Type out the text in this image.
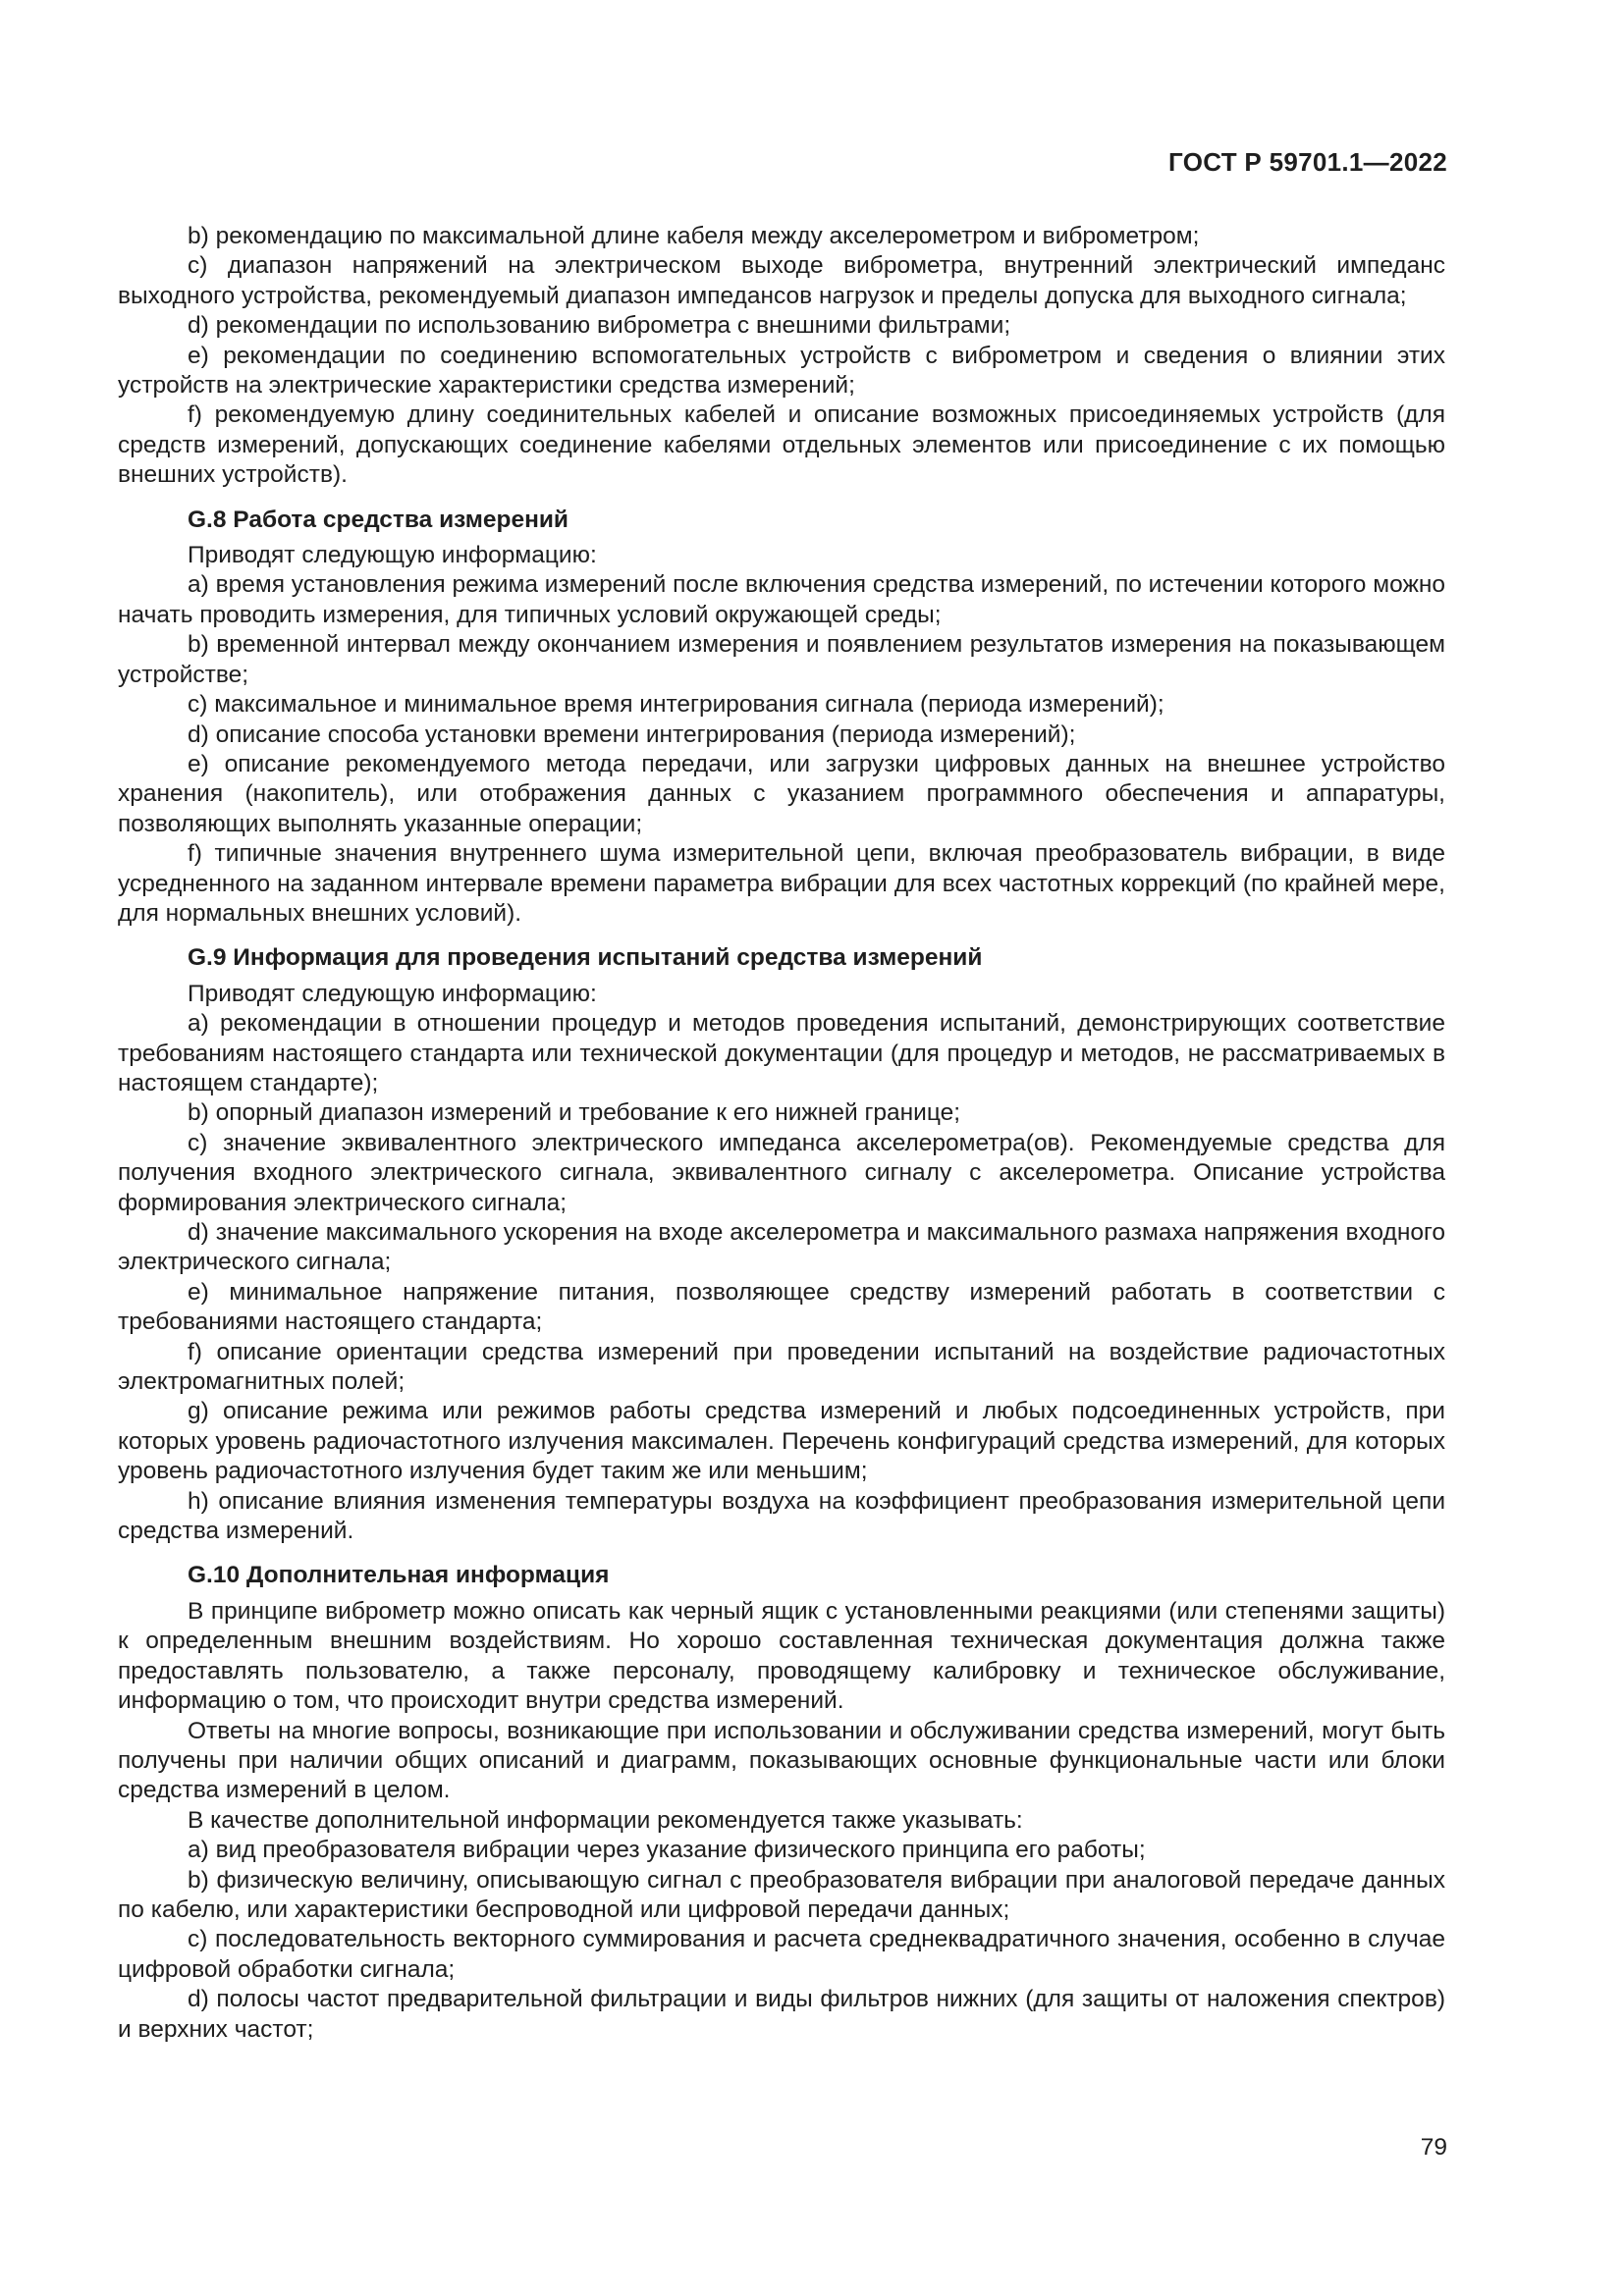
ГОСТ Р 59701.1—2022

b) рекомендацию по максимальной длине кабеля между акселерометром и виброметром;

c) диапазон напряжений на электрическом выходе виброметра, внутренний электрический импеданс выходного устройства, рекомендуемый диапазон импедансов нагрузок и пределы допуска для выходного сигнала;

d) рекомендации по использованию виброметра с внешними фильтрами;

e) рекомендации по соединению вспомогательных устройств с виброметром и сведения о влиянии этих устройств на электрические характеристики средства измерений;

f) рекомендуемую длину соединительных кабелей и описание возможных присоединяемых устройств (для средств измерений, допускающих соединение кабелями отдельных элементов или присоединение с их помощью внешних устройств).

G.8 Работа средства измерений

Приводят следующую информацию:

a) время установления режима измерений после включения средства измерений, по истечении которого можно начать проводить измерения, для типичных условий окружающей среды;

b) временной интервал между окончанием измерения и появлением результатов измерения на показывающем устройстве;

c) максимальное и минимальное время интегрирования сигнала (периода измерений);

d) описание способа установки времени интегрирования (периода измерений);

e) описание рекомендуемого метода передачи, или загрузки цифровых данных на внешнее устройство хранения (накопитель), или отображения данных с указанием программного обеспечения и аппаратуры, позволяющих выполнять указанные операции;

f) типичные значения внутреннего шума измерительной цепи, включая преобразователь вибрации, в виде усредненного на заданном интервале времени параметра вибрации для всех частотных коррекций (по крайней мере, для нормальных внешних условий).

G.9 Информация для проведения испытаний средства измерений

Приводят следующую информацию:

a) рекомендации в отношении процедур и методов проведения испытаний, демонстрирующих соответствие требованиям настоящего стандарта или технической документации (для процедур и методов, не рассматриваемых в настоящем стандарте);

b) опорный диапазон измерений и требование к его нижней границе;

c) значение эквивалентного электрического импеданса акселерометра(ов). Рекомендуемые средства для получения входного электрического сигнала, эквивалентного сигналу с акселерометра. Описание устройства формирования электрического сигнала;

d) значение максимального ускорения на входе акселерометра и максимального размаха напряжения входного электрического сигнала;

e) минимальное напряжение питания, позволяющее средству измерений работать в соответствии с требованиями настоящего стандарта;

f) описание ориентации средства измерений при проведении испытаний на воздействие радиочастотных электромагнитных полей;

g) описание режима или режимов работы средства измерений и любых подсоединенных устройств, при которых уровень радиочастотного излучения максимален. Перечень конфигураций средства измерений, для которых уровень радиочастотного излучения будет таким же или меньшим;

h) описание влияния изменения температуры воздуха на коэффициент преобразования измерительной цепи средства измерений.

G.10 Дополнительная информация

В принципе виброметр можно описать как черный ящик с установленными реакциями (или степенями защиты) к определенным внешним воздействиям. Но хорошо составленная техническая документация должна также предоставлять пользователю, а также персоналу, проводящему калибровку и техническое обслуживание, информацию о том, что происходит внутри средства измерений.

Ответы на многие вопросы, возникающие при использовании и обслуживании средства измерений, могут быть получены при наличии общих описаний и диаграмм, показывающих основные функциональные части или блоки средства измерений в целом.

В качестве дополнительной информации рекомендуется также указывать:

a) вид преобразователя вибрации через указание физического принципа его работы;

b) физическую величину, описывающую сигнал с преобразователя вибрации при аналоговой передаче данных по кабелю, или характеристики беспроводной или цифровой передачи данных;

c) последовательность векторного суммирования и расчета среднеквадратичного значения, особенно в случае цифровой обработки сигнала;

d) полосы частот предварительной фильтрации и виды фильтров нижних (для защиты от наложения спектров) и верхних частот;

79
